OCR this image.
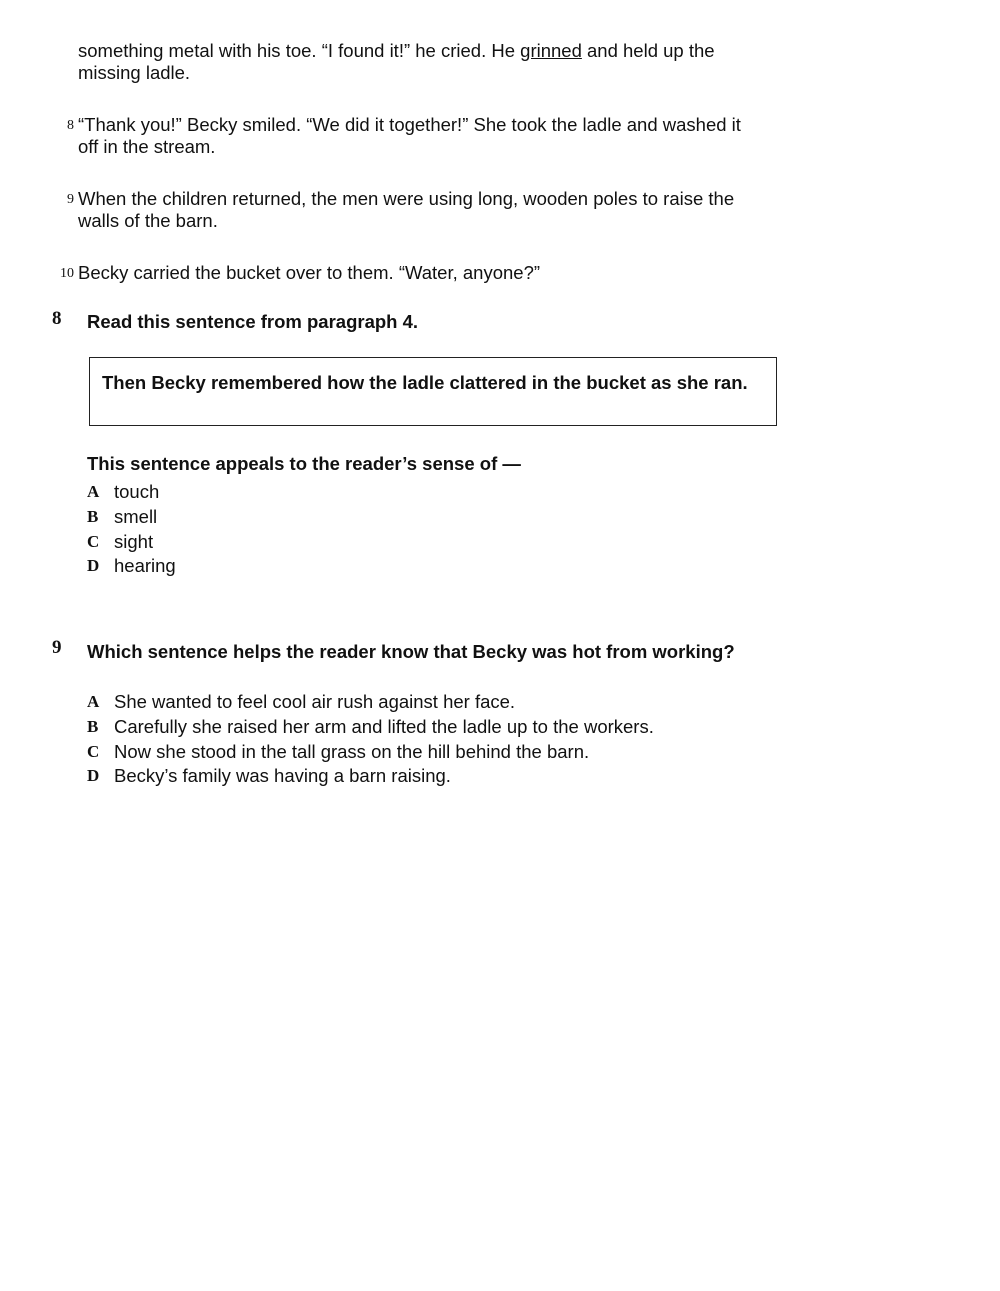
something metal with his toe. “I found it!” he cried. He grinned and held up the missing ladle.
8 “Thank you!” Becky smiled. “We did it together!” She took the ladle and washed it off in the stream.
9 When the children returned, the men were using long, wooden poles to raise the walls of the barn.
10 Becky carried the bucket over to them. “Water, anyone?”
8 Read this sentence from paragraph 4.
Then Becky remembered how the ladle clattered in the bucket as she ran.
This sentence appeals to the reader’s sense of —
A touch
B smell
C sight
D hearing
9 Which sentence helps the reader know that Becky was hot from working?
A She wanted to feel cool air rush against her face.
B Carefully she raised her arm and lifted the ladle up to the workers.
C Now she stood in the tall grass on the hill behind the barn.
D Becky’s family was having a barn raising.
